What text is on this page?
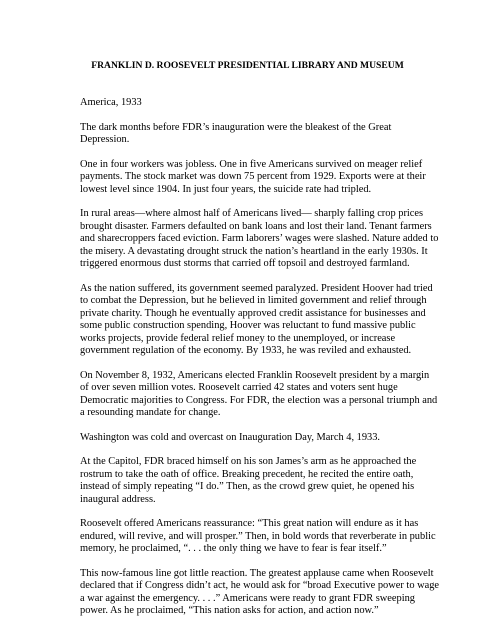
FRANKLIN D. ROOSEVELT PRESIDENTIAL LIBRARY AND MUSEUM

America, 1933

The dark months before FDR’s inauguration were the bleakest of the Great Depression.

One in four workers was jobless. One in five Americans survived on meager relief payments. The stock market was down 75 percent from 1929. Exports were at their lowest level since 1904. In just four years, the suicide rate had tripled.

In rural areas—where almost half of Americans lived— sharply falling crop prices brought disaster. Farmers defaulted on bank loans and lost their land. Tenant farmers and sharecroppers faced eviction. Farm laborers’ wages were slashed. Nature added to the misery. A devastating drought struck the nation’s heartland in the early 1930s. It triggered enormous dust storms that carried off topsoil and destroyed farmland.

As the nation suffered, its government seemed paralyzed. President Hoover had tried to combat the Depression, but he believed in limited government and relief through private charity. Though he eventually approved credit assistance for businesses and some public construction spending, Hoover was reluctant to fund massive public works projects, provide federal relief money to the unemployed, or increase government regulation of the economy. By 1933, he was reviled and exhausted.

On November 8, 1932, Americans elected Franklin Roosevelt president by a margin of over seven million votes. Roosevelt carried 42 states and voters sent huge Democratic majorities to Congress. For FDR, the election was a personal triumph and a resounding mandate for change.

Washington was cold and overcast on Inauguration Day, March 4, 1933.

At the Capitol, FDR braced himself on his son James’s arm as he approached the rostrum to take the oath of office. Breaking precedent, he recited the entire oath, instead of simply repeating “I do.” Then, as the crowd grew quiet, he opened his inaugural address.

Roosevelt offered Americans reassurance: “This great nation will endure as it has endured, will revive, and will prosper.” Then, in bold words that reverberate in public memory, he proclaimed, “. . . the only thing we have to fear is fear itself.”

This now-famous line got little reaction. The greatest applause came when Roosevelt declared that if Congress didn’t act, he would ask for “broad Executive power to wage a war against the emergency. . . .” Americans were ready to grant FDR sweeping power. As he proclaimed, “This nation asks for action, and action now.”
